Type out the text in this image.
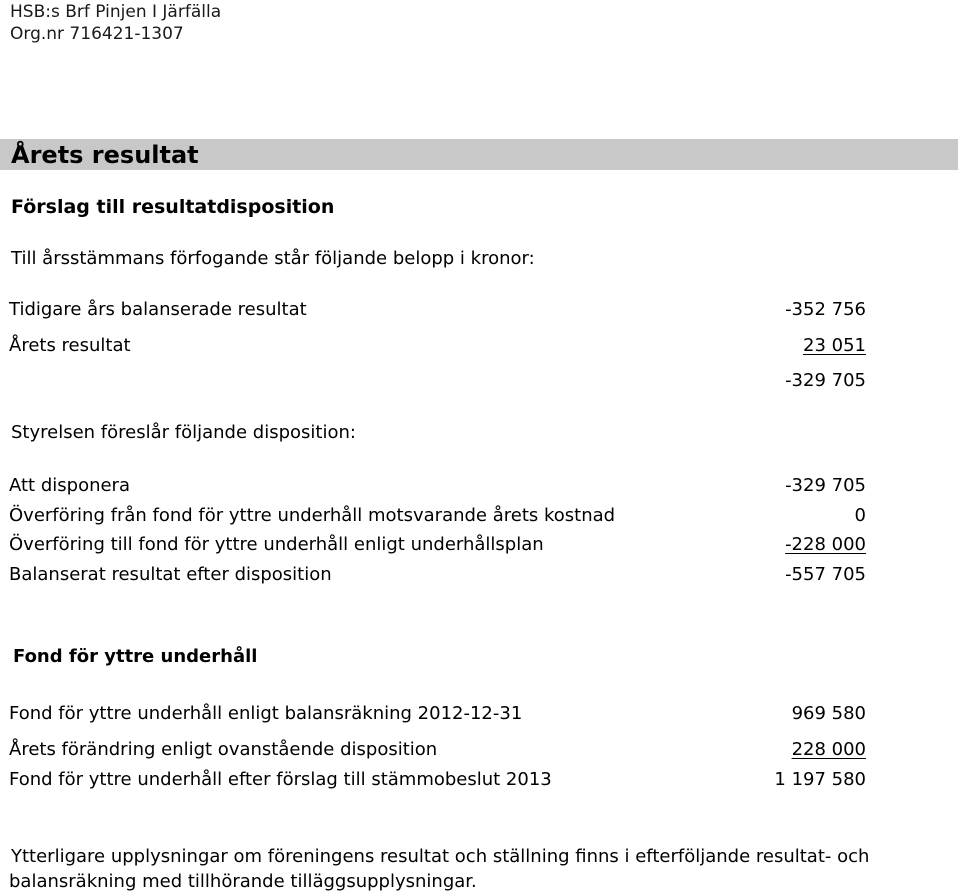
HSB:s Brf Pinjen I Järfälla
Org.nr 716421-1307
Årets resultat
Förslag till resultatdisposition
Till årsstämmans förfogande står följande belopp i kronor:
Tidigare års balanserade resultat	-352 756
Årets resultat	23 051
-329 705
Styrelsen föreslår följande disposition:
Att disponera	-329 705
Överföring från fond för yttre underhåll motsvarande årets kostnad	0
Överföring till fond för yttre underhåll enligt underhållsplan	-228 000
Balanserat resultat efter disposition	-557 705
Fond för yttre underhåll
Fond för yttre underhåll enligt balansräkning 2012-12-31	969 580
Årets förändring enligt ovanstående disposition	228 000
Fond för yttre underhåll efter förslag till stämmobeslut 2013	1 197 580
Ytterligare upplysningar om föreningens resultat och ställning finns i efterföljande resultat- och
balansräkning med tillhörande tilläggsupplysningar.
